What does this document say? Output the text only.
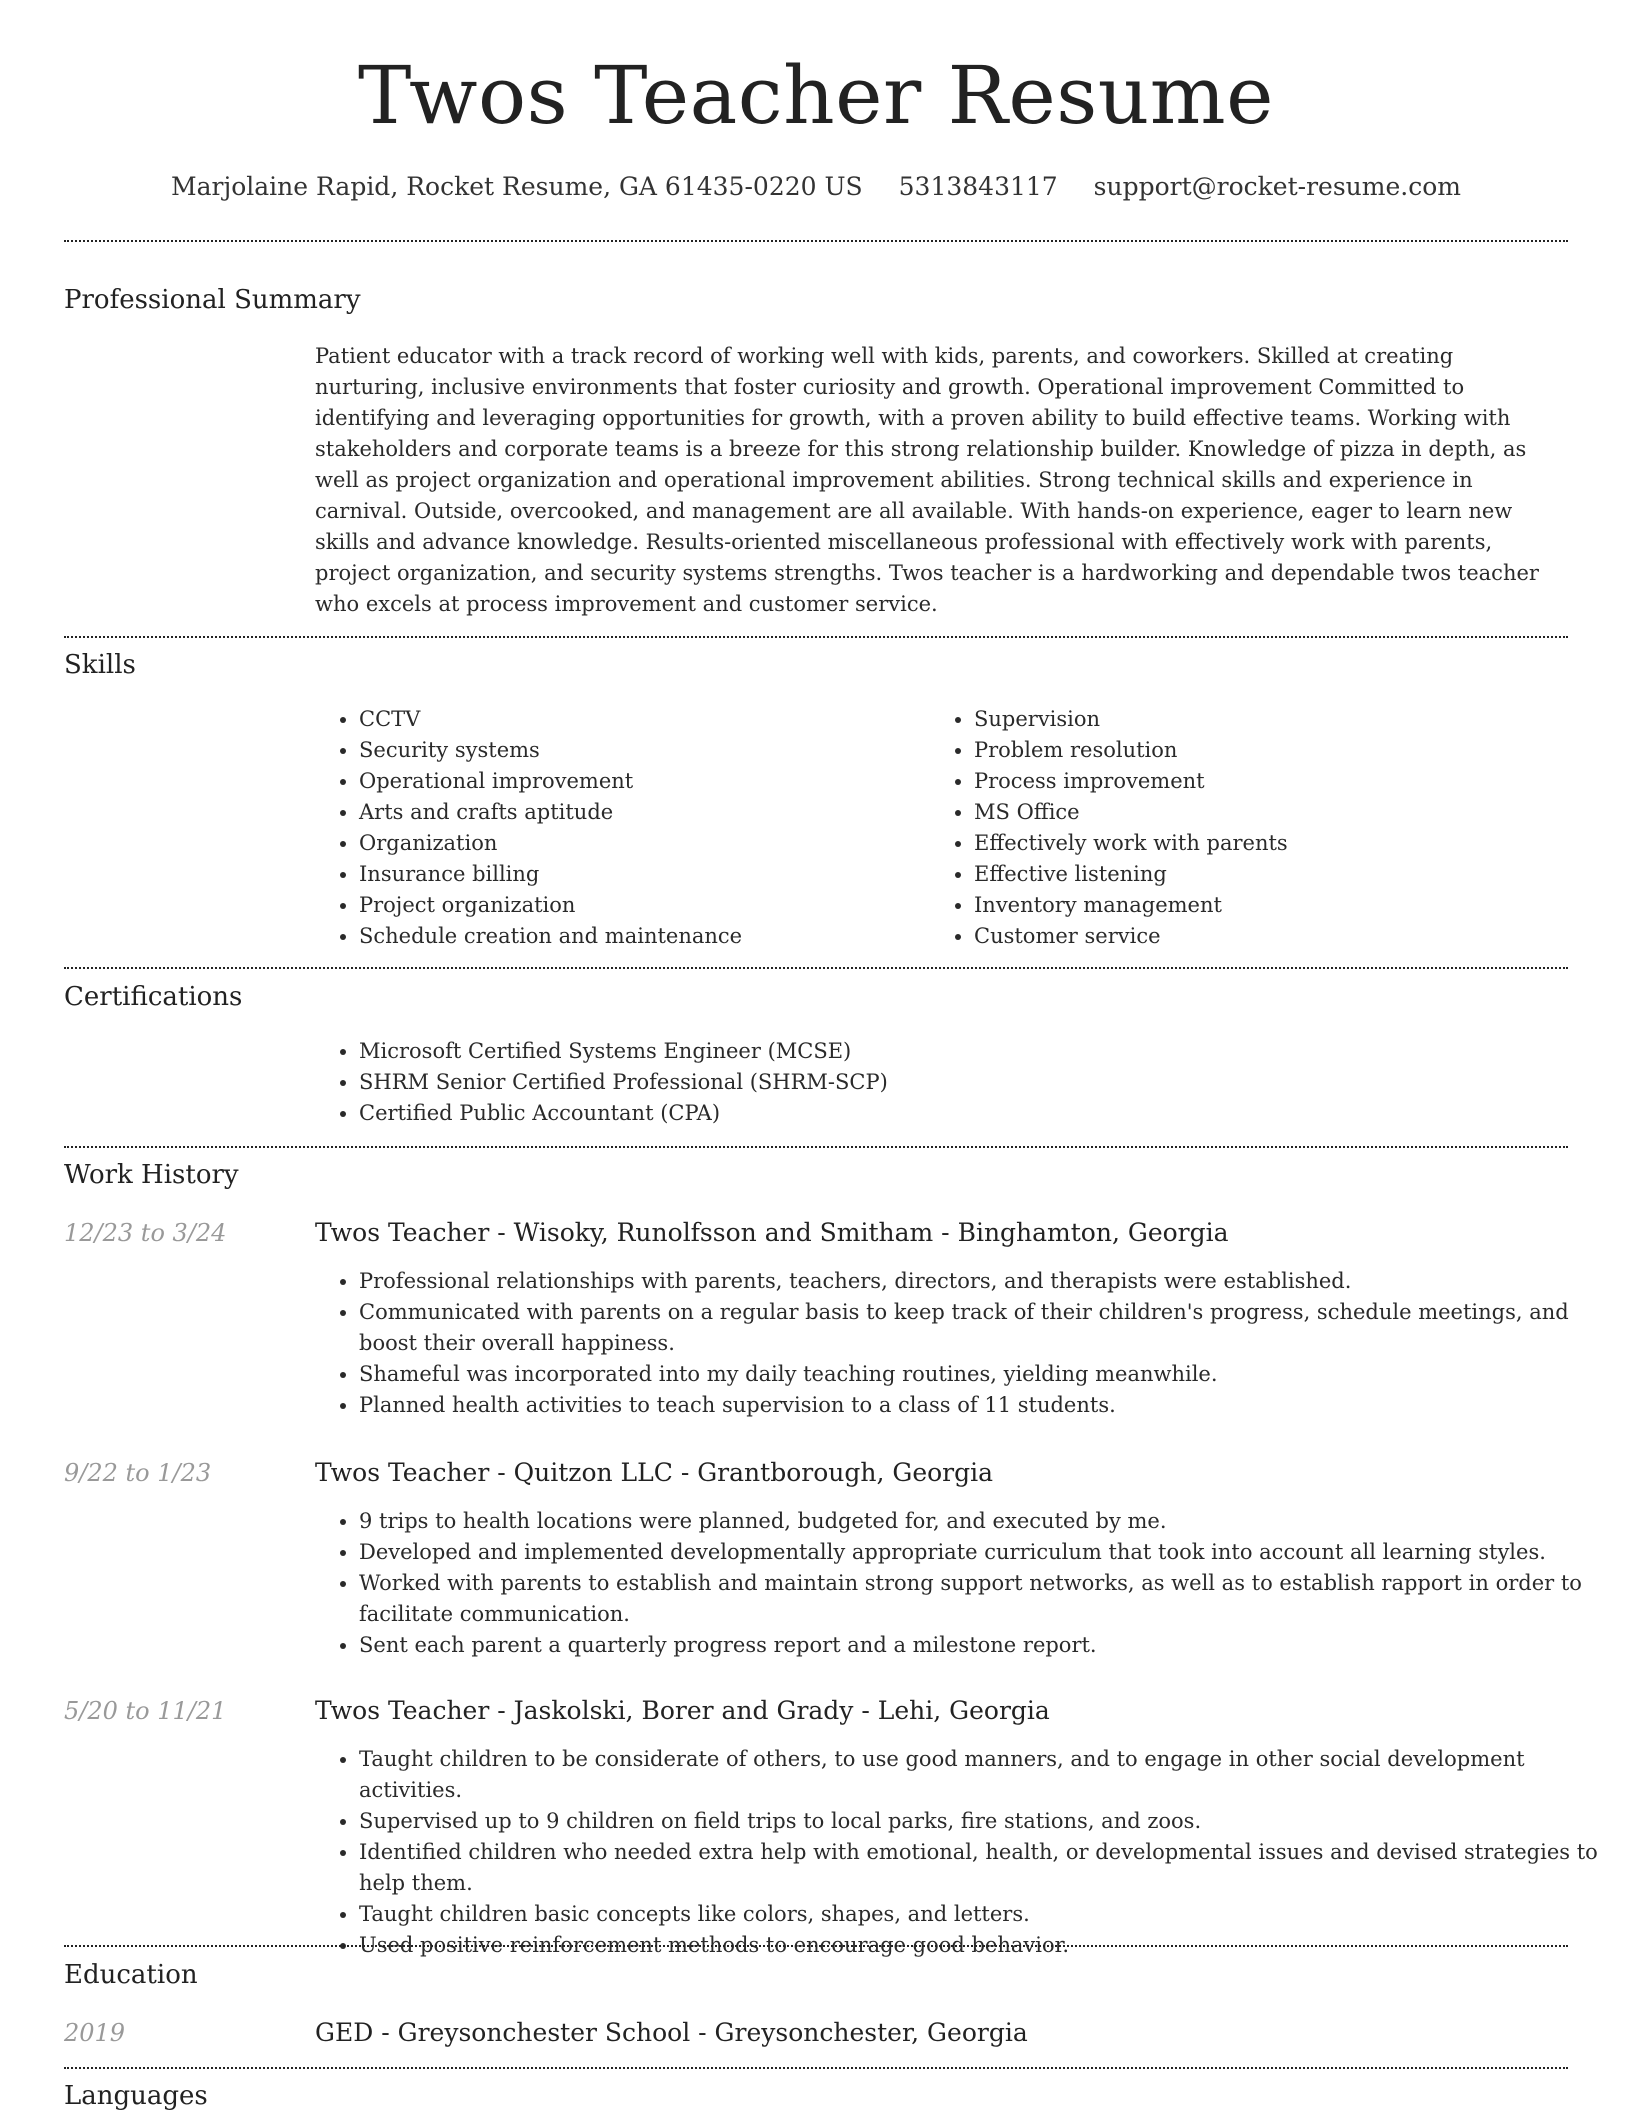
Twos Teacher Resume
Marjolaine Rapid, Rocket Resume, GA 61435-0220 US 5313843117 support@rocket-resume.com
Professional Summary

Patient educator with a track record of working well with kids, parents, and coworkers. Skilled at creating nurturing, inclusive environments that foster curiosity and growth. Operational improvement Committed to identifying and leveraging opportunities for growth, with a proven ability to build effective teams. Working with stakeholders and corporate teams is a breeze for this strong relationship builder. Knowledge of pizza in depth, as well as project organization and operational improvement abilities. Strong technical skills and experience in carnival. Outside, overcooked, and management are all available. With hands-on experience, eager to learn new skills and advance knowledge. Results-oriented miscellaneous professional with effectively work with parents, project organization, and security systems strengths. Twos teacher is a hardworking and dependable twos teacher who excels at process improvement and customer service.

Skills
• CCTV
• Security systems
• Operational improvement
• Arts and crafts aptitude
• Organization
• Insurance billing
• Project organization
• Schedule creation and maintenance
• Supervision
• Problem resolution
• Process improvement
• MS Office
• Effectively work with parents
• Effective listening
• Inventory management
• Customer service
Certifications
• Microsoft Certified Systems Engineer (MCSE)
• SHRM Senior Certified Professional (SHRM-SCP)
• Certified Public Accountant (CPA)
Work History
12/23 to 3/24	Twos Teacher - Wisoky, Runolfsson and Smitham - Binghamton, Georgia
• Professional relationships with parents, teachers, directors, and therapists were established.
• Communicated with parents on a regular basis to keep track of their children's progress, schedule meetings, and boost their overall happiness.
• Shameful was incorporated into my daily teaching routines, yielding meanwhile.
• Planned health activities to teach supervision to a class of 11 students.
9/22 to 1/23	Twos Teacher - Quitzon LLC - Grantborough, Georgia
• 9 trips to health locations were planned, budgeted for, and executed by me.
• Developed and implemented developmentally appropriate curriculum that took into account all learning styles.
• Worked with parents to establish and maintain strong support networks, as well as to establish rapport in order to facilitate communication.
• Sent each parent a quarterly progress report and a milestone report.
5/20 to 11/21	Twos Teacher - Jaskolski, Borer and Grady - Lehi, Georgia
• Taught children to be considerate of others, to use good manners, and to engage in other social development activities.
• Supervised up to 9 children on field trips to local parks, fire stations, and zoos.
• Identified children who needed extra help with emotional, health, or developmental issues and devised strategies to help them.
• Taught children basic concepts like colors, shapes, and letters.
• Used positive reinforcement methods to encourage good behavior.
Education
2019	GED - Greysonchester School - Greysonchester, Georgia
Languages
